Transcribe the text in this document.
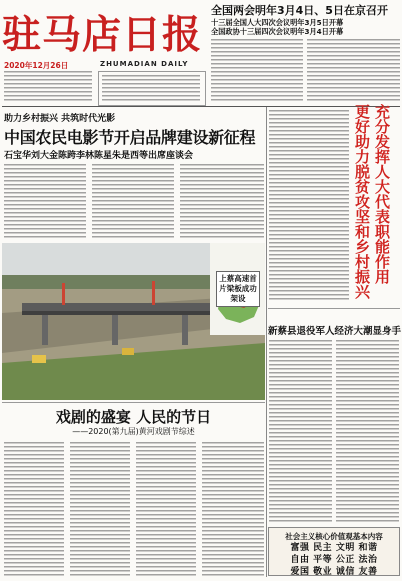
驻马店日报
ZHUMADIAN DAILY
2020年12月26日
全国两会明年3月4日、5日在京召开
十三届全国人大四次会议明年3月5日开幕
全国政协十三届四次会议明年3月4日开幕
助力乡村振兴 共筑时代光影
中国农民电影节开启品牌建设新征程
石宝华刘大金陈跨李林陈星朱是西等出席座谈会
上蔡高速首片梁板成功架设
充分发挥人大代表职能作用 更好助力脱贫攻坚和乡村振兴
新蔡县退役军人经济大潮显身手
戏剧的盛宴 人民的节日
——2020(第九届)黄河戏剧节综述
社会主义核心价值观基本内容
富强 民主 文明 和谐
自由 平等 公正 法治
爱国 敬业 诚信 友善
